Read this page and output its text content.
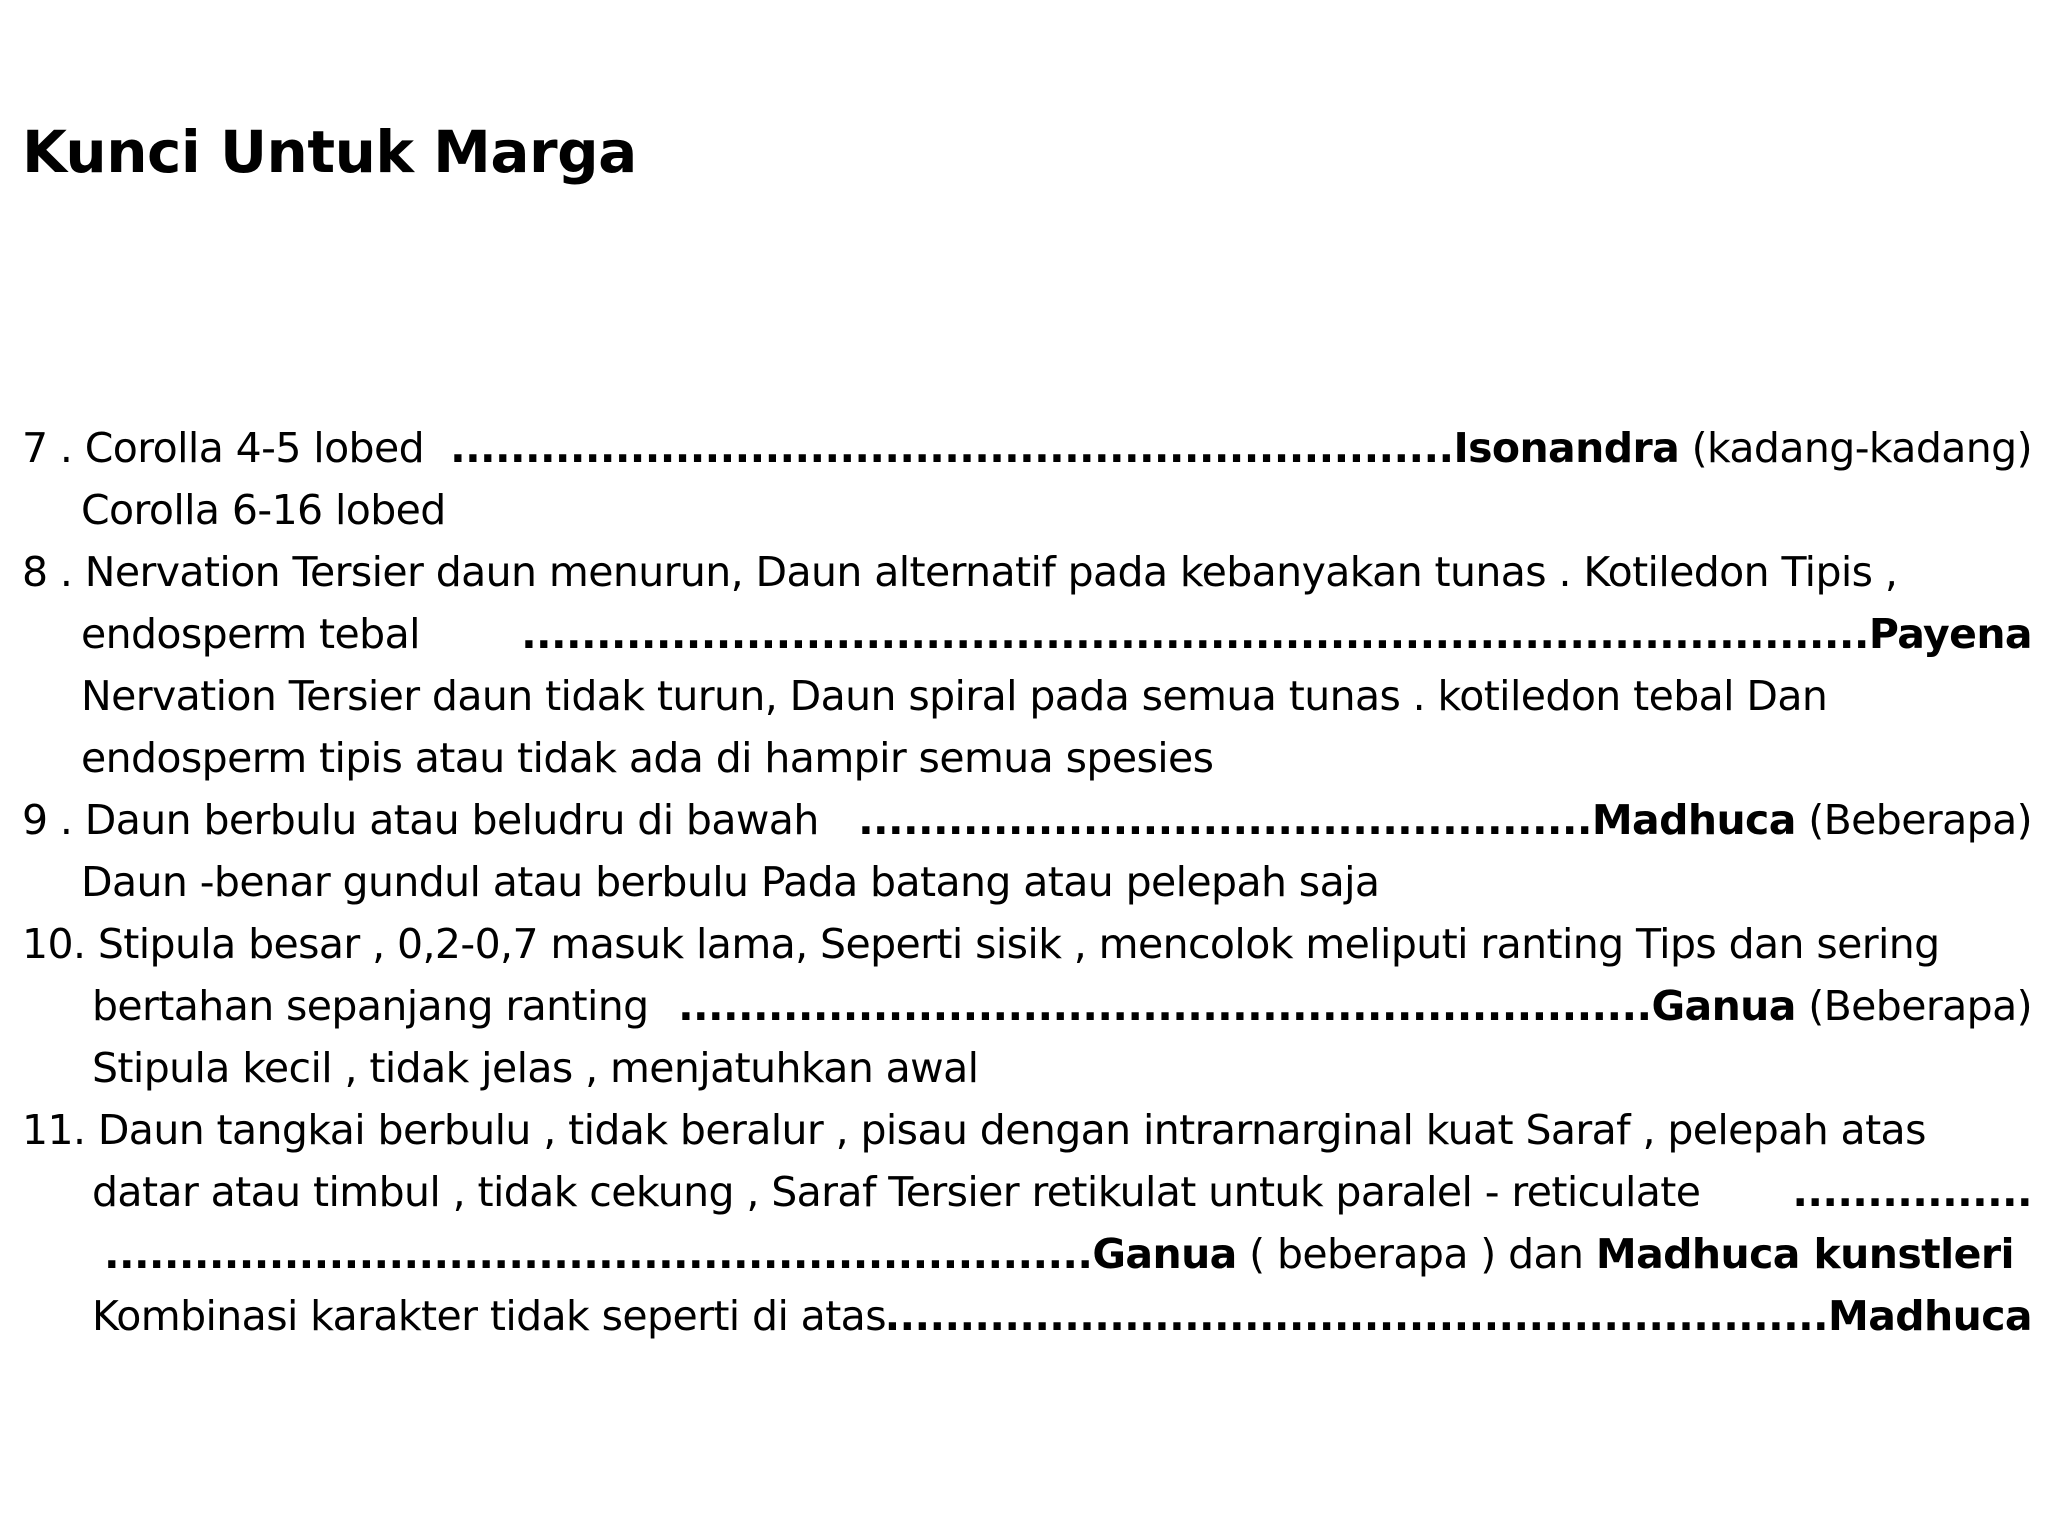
Kunci Untuk Marga
7 . Corolla 4-5 lobed ...................................................................Isonandra (kadang-kadang)
Corolla 6-16 lobed
8 . Nervation Tersier daun menurun, Daun alternatif pada kebanyakan tunas . Kotiledon Tipis ,
endosperm tebal ..........................................................................................Payena
Nervation Tersier daun tidak turun, Daun spiral pada semua tunas . kotiledon tebal Dan
endosperm tipis atau tidak ada di hampir semua spesies
9 . Daun berbulu atau beludru di bawah .................................................Madhuca (Beberapa)
Daun -benar gundul atau berbulu Pada batang atau pelepah saja
10. Stipula besar , 0,2-0,7 masuk lama, Seperti sisik , mencolok meliputi ranting Tips dan sering
bertahan sepanjang ranting .................................................................Ganua (Beberapa)
Stipula kecil , tidak jelas , menjatuhkan awal
11. Daun tangkai berbulu , tidak beralur , pisau dengan intrarnarginal kuat Saraf , pelepah atas
datar atau timbul , tidak cekung , Saraf Tersier retikulat untuk paralel - reticulate ................
..................................................................Ganua ( beberapa ) dan Madhuca kunstleri
Kombinasi karakter tidak seperti di atas
...............................................................Madhuca
